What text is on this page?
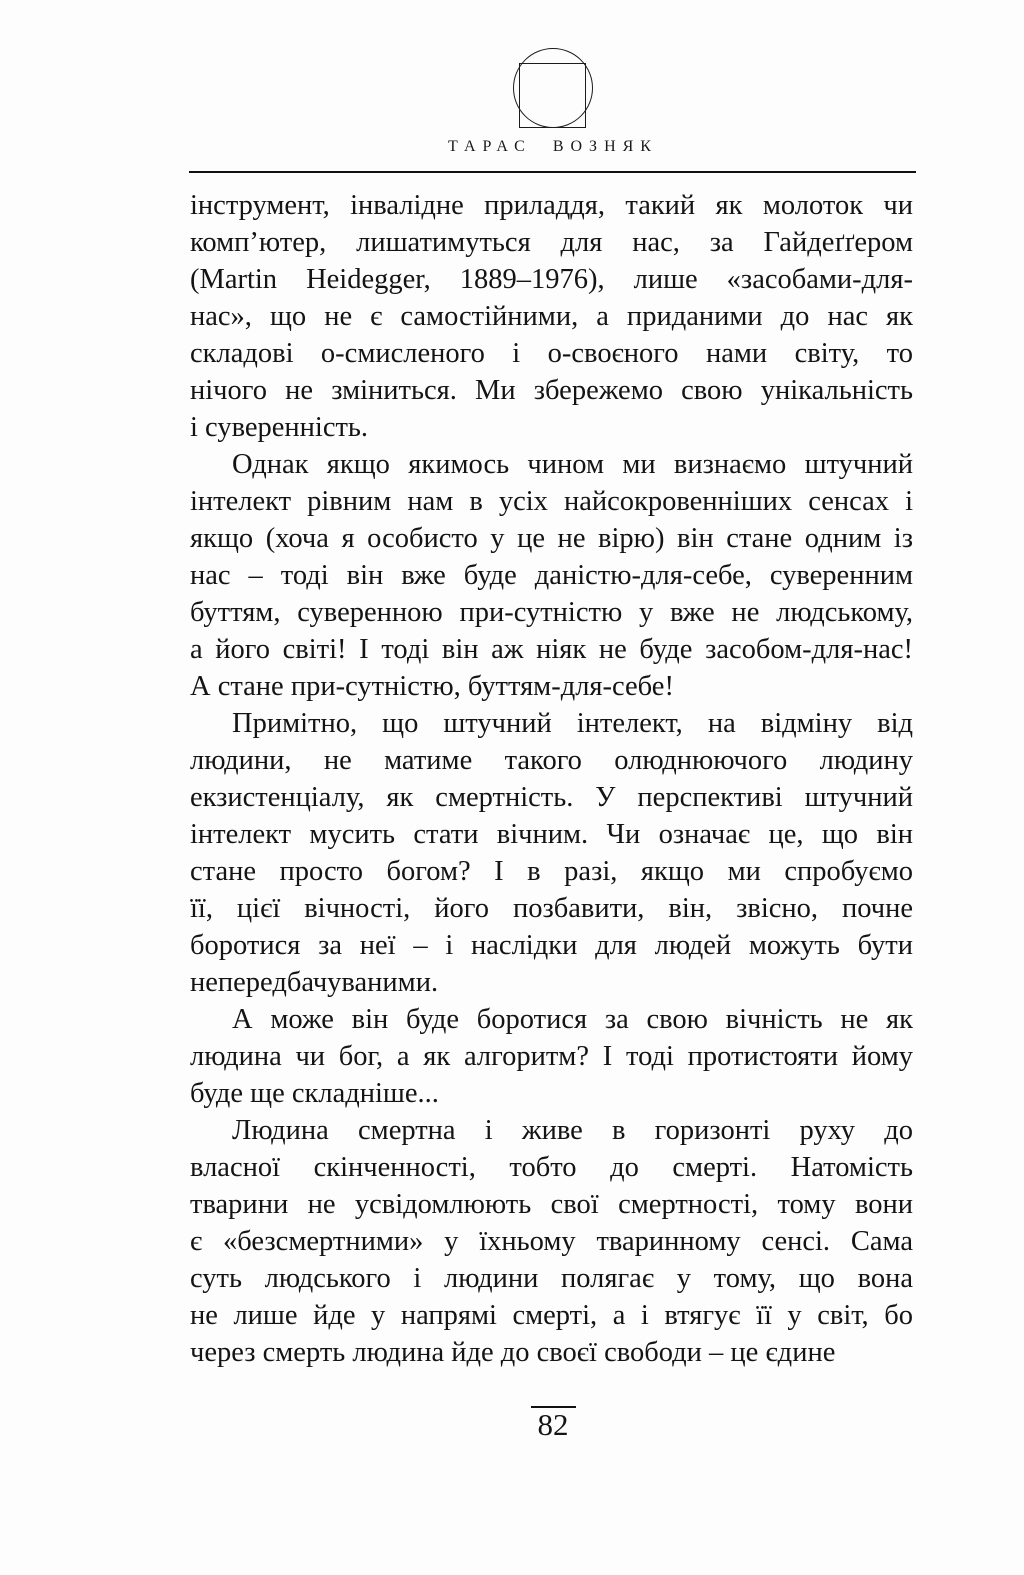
ТАРАС ВОЗНЯК
інструмент, інвалідне приладдя, такий як молоток чи
комп’ютер, лишатимуться для нас, за Гайдеґґером
(Martin Heidegger, 1889–1976), лише «засобами-для-
нас», що не є самостійними, а приданими до нас як
складові о-смисленого і о-своєного нами світу, то
нічого не зміниться. Ми збережемо свою унікальність
і суверенність.
Однак якщо якимось чином ми визнаємо штучний
інтелект рівним нам в усіх найсокровенніших сенсах і
якщо (хоча я особисто у це не вірю) він стане одним із
нас – тоді він вже буде даністю-для-себе, суверенним
буттям, суверенною при-сутністю у вже не людському,
а його світі! І тоді він аж ніяк не буде засобом-для-нас!
А стане при-сутністю, буттям-для-себе!
Примітно, що штучний інтелект, на відміну від
людини, не матиме такого олюднюючого людину
екзистенціалу, як смертність. У перспективі штучний
інтелект мусить стати вічним. Чи означає це, що він
стане просто богом? І в разі, якщо ми спробуємо
її, цієї вічності, його позбавити, він, звісно, почне
боротися за неї – і наслідки для людей можуть бути
непередбачуваними.
А може він буде боротися за свою вічність не як
людина чи бог, а як алгоритм? І тоді протистояти йому
буде ще складніше...
Людина смертна і живе в горизонті руху до
власної скінченності, тобто до смерті. Натомість
тварини не усвідомлюють свої смертності, тому вони
є «безсмертними» у їхньому тваринному сенсі. Сама
суть людського і людини полягає у тому, що вона
не лише йде у напрямі смерті, а і втягує її у світ, бо
через смерть людина йде до своєї свободи – це єдине
82
